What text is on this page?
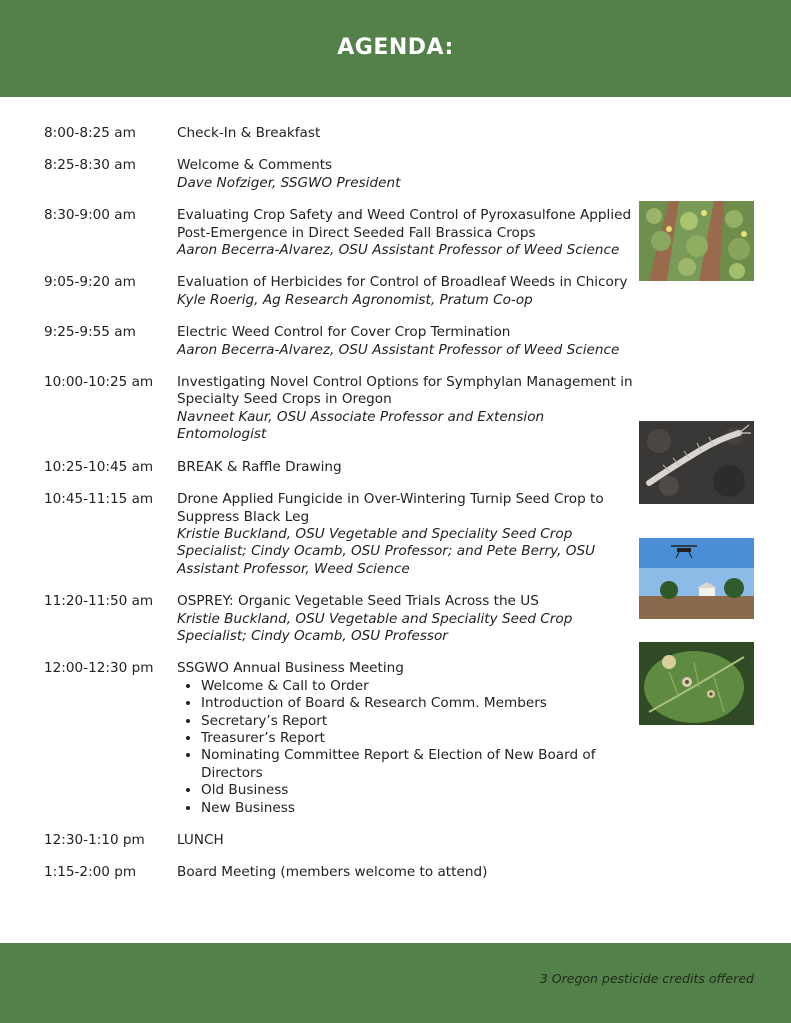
AGENDA:
8:00-8:25 am	Check-In & Breakfast
8:25-8:30 am	Welcome & Comments
Dave Nofziger, SSGWO President
8:30-9:00 am	Evaluating Crop Safety and Weed Control of Pyroxasulfone Applied Post-Emergence in Direct Seeded Fall Brassica Crops
Aaron Becerra-Alvarez, OSU Assistant Professor of Weed Science
9:05-9:20 am	Evaluation of Herbicides for Control of Broadleaf Weeds in Chicory
Kyle Roerig, Ag Research Agronomist, Pratum Co-op
9:25-9:55 am	Electric Weed Control for Cover Crop Termination
Aaron Becerra-Alvarez, OSU Assistant Professor of Weed Science
10:00-10:25 am	Investigating Novel Control Options for Symphylan Management in Specialty Seed Crops in Oregon
Navneet Kaur, OSU Associate Professor and Extension Entomologist
10:25-10:45 am	BREAK & Raffle Drawing
10:45-11:15 am	Drone Applied Fungicide in Over-Wintering Turnip Seed Crop to Suppress Black Leg
Kristie Buckland, OSU Vegetable and Speciality Seed Crop Specialist; Cindy Ocamb, OSU Professor; and Pete Berry, OSU Assistant Professor, Weed Science
11:20-11:50 am	OSPREY: Organic Vegetable Seed Trials Across the US
Kristie Buckland, OSU Vegetable and Speciality Seed Crop Specialist; Cindy Ocamb, OSU Professor
12:00-12:30 pm	SSGWO Annual Business Meeting
• Welcome & Call to Order
• Introduction of Board & Research Comm. Members
• Secretary’s Report
• Treasurer’s Report
• Nominating Committee Report & Election of New Board of Directors
• Old Business
• New Business
12:30-1:10 pm	LUNCH
1:15-2:00 pm	Board Meeting (members welcome to attend)
3 Oregon pesticide credits offered
